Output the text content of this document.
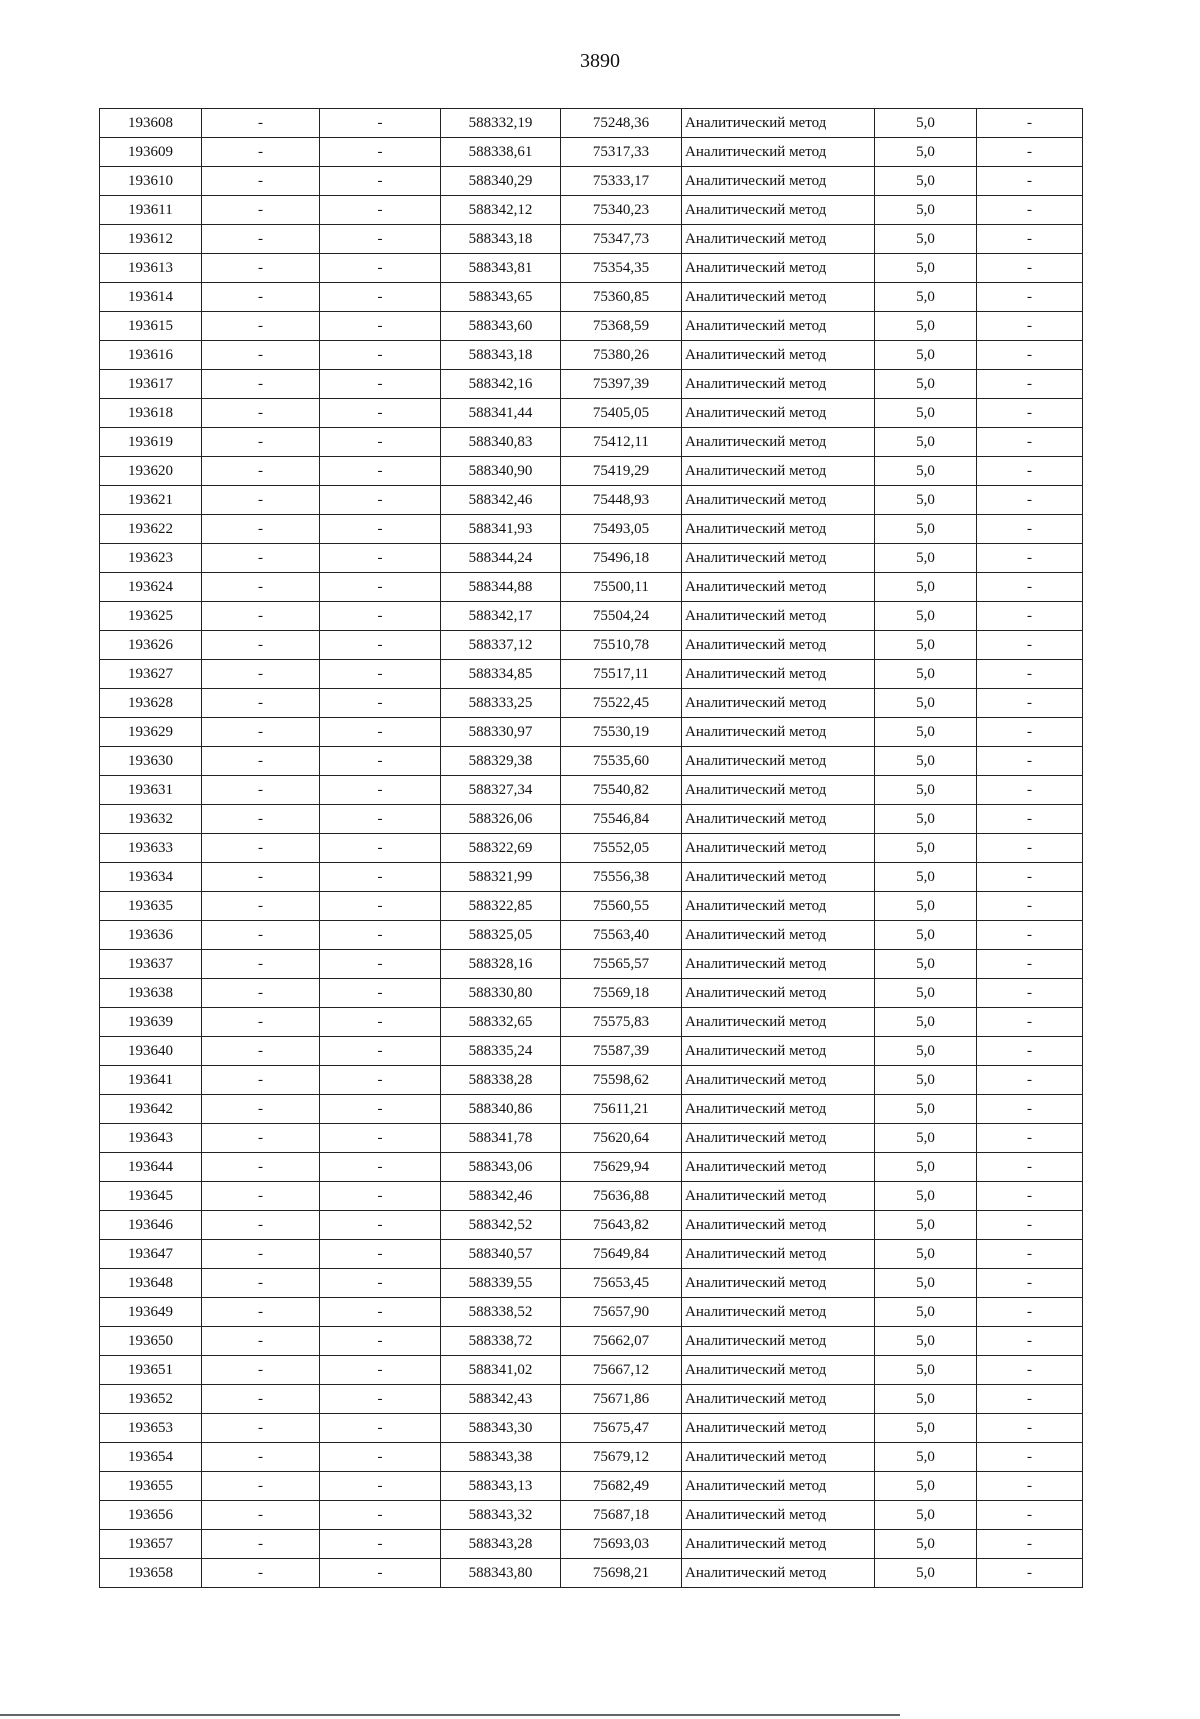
3890
193608	-	-	588332,19	75248,36	Аналитический метод	5,0	-
193609	-	-	588338,61	75317,33	Аналитический метод	5,0	-
193610	-	-	588340,29	75333,17	Аналитический метод	5,0	-
193611	-	-	588342,12	75340,23	Аналитический метод	5,0	-
193612	-	-	588343,18	75347,73	Аналитический метод	5,0	-
193613	-	-	588343,81	75354,35	Аналитический метод	5,0	-
193614	-	-	588343,65	75360,85	Аналитический метод	5,0	-
193615	-	-	588343,60	75368,59	Аналитический метод	5,0	-
193616	-	-	588343,18	75380,26	Аналитический метод	5,0	-
193617	-	-	588342,16	75397,39	Аналитический метод	5,0	-
193618	-	-	588341,44	75405,05	Аналитический метод	5,0	-
193619	-	-	588340,83	75412,11	Аналитический метод	5,0	-
193620	-	-	588340,90	75419,29	Аналитический метод	5,0	-
193621	-	-	588342,46	75448,93	Аналитический метод	5,0	-
193622	-	-	588341,93	75493,05	Аналитический метод	5,0	-
193623	-	-	588344,24	75496,18	Аналитический метод	5,0	-
193624	-	-	588344,88	75500,11	Аналитический метод	5,0	-
193625	-	-	588342,17	75504,24	Аналитический метод	5,0	-
193626	-	-	588337,12	75510,78	Аналитический метод	5,0	-
193627	-	-	588334,85	75517,11	Аналитический метод	5,0	-
193628	-	-	588333,25	75522,45	Аналитический метод	5,0	-
193629	-	-	588330,97	75530,19	Аналитический метод	5,0	-
193630	-	-	588329,38	75535,60	Аналитический метод	5,0	-
193631	-	-	588327,34	75540,82	Аналитический метод	5,0	-
193632	-	-	588326,06	75546,84	Аналитический метод	5,0	-
193633	-	-	588322,69	75552,05	Аналитический метод	5,0	-
193634	-	-	588321,99	75556,38	Аналитический метод	5,0	-
193635	-	-	588322,85	75560,55	Аналитический метод	5,0	-
193636	-	-	588325,05	75563,40	Аналитический метод	5,0	-
193637	-	-	588328,16	75565,57	Аналитический метод	5,0	-
193638	-	-	588330,80	75569,18	Аналитический метод	5,0	-
193639	-	-	588332,65	75575,83	Аналитический метод	5,0	-
193640	-	-	588335,24	75587,39	Аналитический метод	5,0	-
193641	-	-	588338,28	75598,62	Аналитический метод	5,0	-
193642	-	-	588340,86	75611,21	Аналитический метод	5,0	-
193643	-	-	588341,78	75620,64	Аналитический метод	5,0	-
193644	-	-	588343,06	75629,94	Аналитический метод	5,0	-
193645	-	-	588342,46	75636,88	Аналитический метод	5,0	-
193646	-	-	588342,52	75643,82	Аналитический метод	5,0	-
193647	-	-	588340,57	75649,84	Аналитический метод	5,0	-
193648	-	-	588339,55	75653,45	Аналитический метод	5,0	-
193649	-	-	588338,52	75657,90	Аналитический метод	5,0	-
193650	-	-	588338,72	75662,07	Аналитический метод	5,0	-
193651	-	-	588341,02	75667,12	Аналитический метод	5,0	-
193652	-	-	588342,43	75671,86	Аналитический метод	5,0	-
193653	-	-	588343,30	75675,47	Аналитический метод	5,0	-
193654	-	-	588343,38	75679,12	Аналитический метод	5,0	-
193655	-	-	588343,13	75682,49	Аналитический метод	5,0	-
193656	-	-	588343,32	75687,18	Аналитический метод	5,0	-
193657	-	-	588343,28	75693,03	Аналитический метод	5,0	-
193658	-	-	588343,80	75698,21	Аналитический метод	5,0	-
